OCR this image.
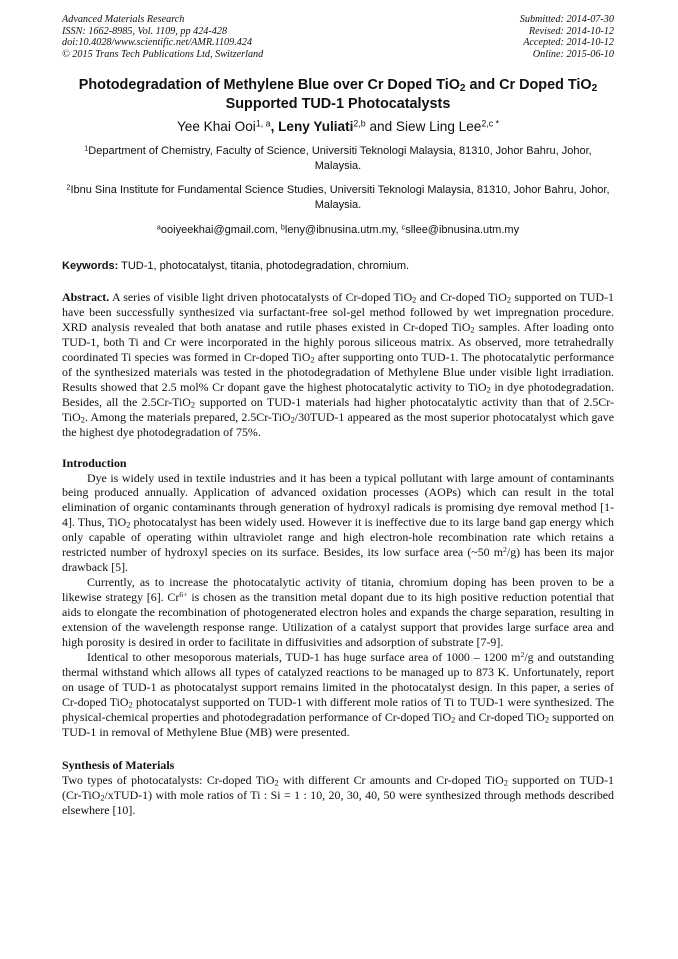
Advanced Materials Research
ISSN: 1662-8985, Vol. 1109, pp 424-428
doi:10.4028/www.scientific.net/AMR.1109.424
© 2015 Trans Tech Publications Ltd, Switzerland
Submitted: 2014-07-30
Revised: 2014-10-12
Accepted: 2014-10-12
Online: 2015-06-10
Photodegradation of Methylene Blue over Cr Doped TiO$_2$ and Cr Doped TiO$_2$ Supported TUD-1 Photocatalysts
Yee Khai Ooi$^{1, a}$, Leny Yuliati$^{2,b}$ and Siew Ling Lee$^{2,c *}$
$^1$Department of Chemistry, Faculty of Science, Universiti Teknologi Malaysia, 81310, Johor Bahru, Johor, Malaysia.
$^2$Ibnu Sina Institute for Fundamental Science Studies, Universiti Teknologi Malaysia, 81310, Johor Bahru, Johor, Malaysia.
$^a$ooiyeekhai@gmail.com, $^b$leny@ibnusina.utm.my, $^c$sllee@ibnusina.utm.my
Keywords: TUD-1, photocatalyst, titania, photodegradation, chromium.
Abstract. A series of visible light driven photocatalysts of Cr-doped TiO$_2$ and Cr-doped TiO$_2$ supported on TUD-1 have been successfully synthesized via surfactant-free sol-gel method followed by wet impregnation procedure. XRD analysis revealed that both anatase and rutile phases existed in Cr-doped TiO$_2$ samples. After loading onto TUD-1, both Ti and Cr were incorporated in the highly porous siliceous matrix. As observed, more tetrahedrally coordinated Ti species was formed in Cr-doped TiO$_2$ after supporting onto TUD-1. The photocatalytic performance of the synthesized materials was tested in the photodegradation of Methylene Blue under visible light irradiation. Results showed that 2.5 mol% Cr dopant gave the highest photocatalytic activity to TiO$_2$ in dye photodegradation. Besides, all the 2.5Cr-TiO$_2$ supported on TUD-1 materials had higher photocatalytic activity than that of 2.5Cr-TiO$_2$. Among the materials prepared, 2.5Cr-TiO$_2$/30TUD-1 appeared as the most superior photocatalyst which gave the highest dye photodegradation of 75%.
Introduction
Dye is widely used in textile industries and it has been a typical pollutant with large amount of contaminants being produced annually. Application of advanced oxidation processes (AOPs) which can result in the total elimination of organic contaminants through generation of hydroxyl radicals is promising dye removal method [1-4]. Thus, TiO$_2$ photocatalyst has been widely used. However it is ineffective due to its large band gap energy which only capable of operating within ultraviolet range and high electron-hole recombination rate which retains a restricted number of hydroxyl species on its surface. Besides, its low surface area (~50 $m^2/g$) has been its major drawback [5].
Currently, as to increase the photocatalytic activity of titania, chromium doping has been proven to be a likewise strategy [6]. $Cr^{6+}$ is chosen as the transition metal dopant due to its high positive reduction potential that aids to elongate the recombination of photogenerated electron holes and expands the charge separation, resulting in extension of the wavelength response range. Utilization of a catalyst support that provides large surface area and high porosity is desired in order to facilitate in diffusivities and adsorption of substrate [7-9].
Identical to other mesoporous materials, TUD-1 has huge surface area of 1000 – 1200 $m^2/g$ and outstanding thermal withstand which allows all types of catalyzed reactions to be managed up to 873 K. Unfortunately, report on usage of TUD-1 as photocatalyst support remains limited in the photocatalyst design. In this paper, a series of Cr-doped TiO$_2$ photocatalyst supported on TUD-1 with different mole ratios of Ti to TUD-1 were synthesized. The physical-chemical properties and photodegradation performance of Cr-doped TiO$_2$ and Cr-doped TiO$_2$ supported on TUD-1 in removal of Methylene Blue (MB) were presented.
Synthesis of Materials
Two types of photocatalysts: Cr-doped TiO$_2$ with different Cr amounts and Cr-doped TiO$_2$ supported on TUD-1 (Cr-TiO$_2$/xTUD-1) with mole ratios of Ti : Si = 1 : 10, 20, 30, 40, 50 were synthesized through methods described elsewhere [10].
